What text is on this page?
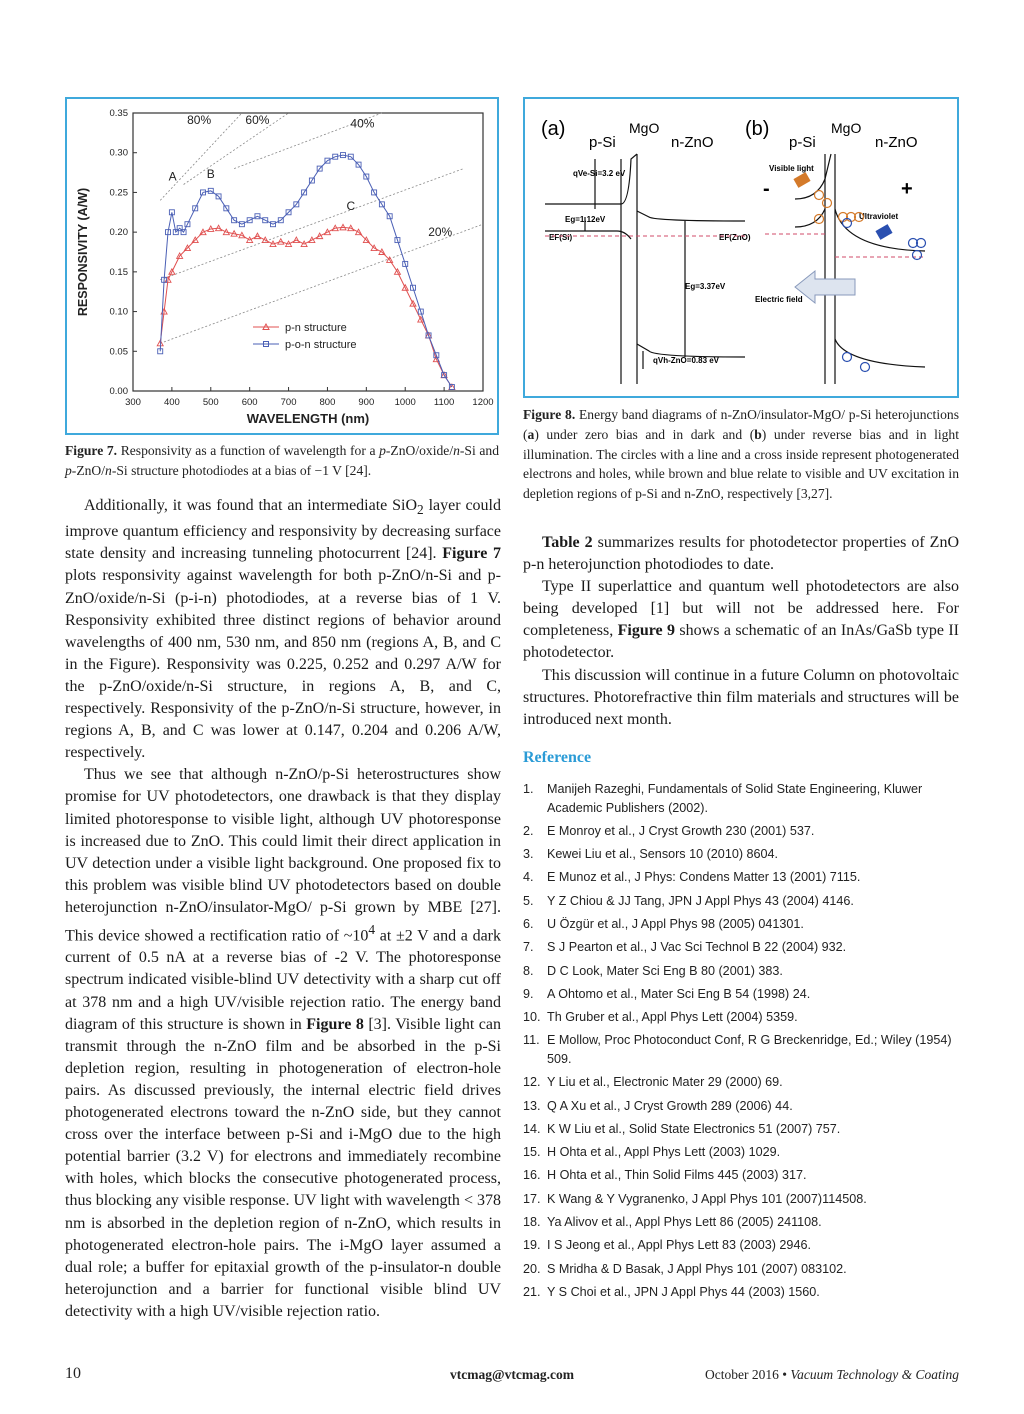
300 400 500 600 700 800 900 1000 1100 1200
0.00
0.05
0.10
0.15
0.20
0.25
0.30
0.35
WAVELENGTH (nm)
RESPONSIVITY (A/W)
A	B
C
80%	60%	40%
20%
p-n structure
p-o-n structure
(a)
p-Si
MgO
n-ZnO
qVe-Si=3.2 eV
Eg=1.12eV
EF(Si)	EF(ZnO)
Eg=3.37eV
qVh-ZnO=0.83 eV
(b)
p-Si
MgO
n-ZnO
Visible light
Ultraviolet
Electric field
-	+
Figure 7. Responsivity as a function of wavelength for a p-ZnO/oxide/n-Si and p-ZnO/n-Si structure photodiodes at a bias of −1 V [24].
Figure 8. Energy band diagrams of n-ZnO/insulator-MgO/ p-Si heterojunctions (a) under zero bias and in dark and (b) under reverse bias and in light illumination. The circles with a line and a cross inside represent photogenerated electrons and holes, while brown and blue relate to visible and UV excitation in depletion regions of p-Si and n-ZnO, respectively [3,27].

Additionally, it was found that an intermediate SiO$_2$ layer could improve quantum efficiency and responsivity by decreasing surface state density and increasing tunneling photocurrent [24]. Figure 7 plots responsivity against wavelength for both p-ZnO/n-Si and p-ZnO/oxide/n-Si (p-i-n) photodiodes, at a reverse bias of 1 V. Responsivity exhibited three distinct regions of behavior around wavelengths of 400 nm, 530 nm, and 850 nm (regions A, B, and C in the Figure). Responsivity was 0.225, 0.252 and 0.297 A/W for the p-ZnO/oxide/n-Si structure, in regions A, B, and C, respectively. Responsivity of the p-ZnO/n-Si structure, however, in regions A, B, and C was lower at 0.147, 0.204 and 0.206 A/W, respectively.

Thus we see that although n-ZnO/p-Si heterostructures show promise for UV photodetectors, one drawback is that they display limited photoresponse to visible light, although UV photoresponse is increased due to ZnO. This could limit their direct application in UV detection under a visible light background. One proposed fix to this problem was visible blind UV photodetectors based on double heterojunction n-ZnO/insulator-MgO/ p-Si grown by MBE [27]. This device showed a rectification ratio of $\sim 10^4$ at ±2 V and a dark current of 0.5 nA at a reverse bias of -2 V. The photoresponse spectrum indicated visible-blind UV detectivity with a sharp cut off at 378 nm and a high UV/visible rejection ratio. The energy band diagram of this structure is shown in Figure 8 [3]. Visible light can transmit through the n-ZnO film and be absorbed in the p-Si depletion region, resulting in photogeneration of electron-hole pairs. As discussed previously, the internal electric field drives photogenerated electrons toward the n-ZnO side, but they cannot cross over the interface between p-Si and i-MgO due to the high potential barrier (3.2 V) for electrons and immediately recombine with holes, which blocks the consecutive photogenerated process, thus blocking any visible response. UV light with wavelength < 378 nm is absorbed in the depletion region of n-ZnO, which results in photogenerated electron-hole pairs. The i-MgO layer assumed a dual role; a buffer for epitaxial growth of the p-insulator-n double heterojunction and a barrier for functional visible blind UV detectivity with a high UV/visible rejection ratio.

Table 2 summarizes results for photodetector properties of ZnO p-n heterojunction photodiodes to date.

Type II superlattice and quantum well photodetectors are also being developed [1] but will not be addressed here. For completeness, Figure 9 shows a schematic of an InAs/GaSb type II photodetector.

This discussion will continue in a future Column on photovoltaic structures. Photorefractive thin film materials and structures will be introduced next month.

Reference
1. Manijeh Razeghi, Fundamentals of Solid State Engineering, Kluwer Academic Publishers (2002).
2. E Monroy et al., J Cryst Growth 230 (2001) 537.
3. Kewei Liu et al., Sensors 10 (2010) 8604.
4. E Munoz et al., J Phys: Condens Matter 13 (2001) 7115.
5. Y Z Chiou & JJ Tang, JPN J Appl Phys 43 (2004) 4146.
6. U Özgür et al., J Appl Phys 98 (2005) 041301.
7. S J Pearton et al., J Vac Sci Technol B 22 (2004) 932.
8. D C Look, Mater Sci Eng B 80 (2001) 383.
9. A Ohtomo et al., Mater Sci Eng B 54 (1998) 24.
10. Th Gruber et al., Appl Phys Lett (2004) 5359.
11. E Mollow, Proc Photoconduct Conf, R G Breckenridge, Ed.; Wiley (1954) 509.
12. Y Liu et al., Electronic Mater 29 (2000) 69.
13. Q A Xu et al., J Cryst Growth 289 (2006) 44.
14. K W Liu et al., Solid State Electronics 51 (2007) 757.
15. H Ohta et al., Appl Phys Lett (2003) 1029.
16. H Ohta et al., Thin Solid Films 445 (2003) 317.
17. K Wang & Y Vygranenko, J Appl Phys 101 (2007)114508.
18. Ya Alivov et al., Appl Phys Lett 86 (2005) 241108.
19. I S Jeong et al., Appl Phys Lett 83 (2003) 2946.
20. S Mridha & D Basak, J Appl Phys 101 (2007) 083102.
21. Y S Choi et al., JPN J Appl Phys 44 (2003) 1560.
10	vtcmag@vtcmag.com	October 2016 • Vacuum Technology & Coating
